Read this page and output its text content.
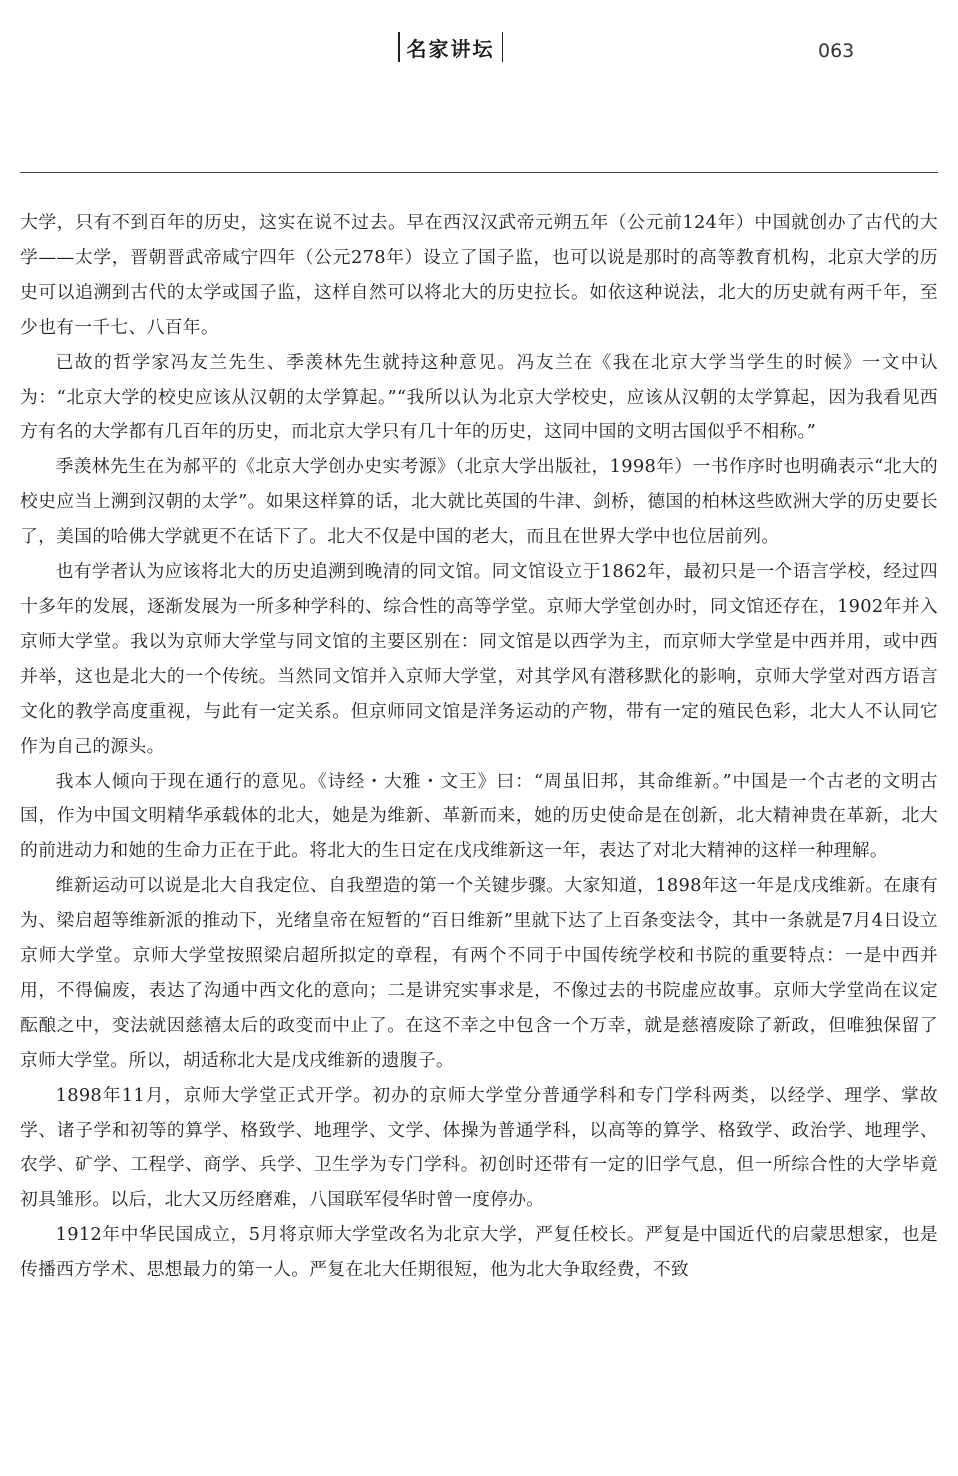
名家讲坛	063

大学，只有不到百年的历史，这实在说不过去。早在西汉汉武帝元朔五年（公元前124年）中国就创办了古代的大学——太学，晋朝晋武帝咸宁四年（公元278年）设立了国子监，也可以说是那时的高等教育机构，北京大学的历史可以追溯到古代的太学或国子监，这样自然可以将北大的历史拉长。如依这种说法，北大的历史就有两千年，至少也有一千七、八百年。

已故的哲学家冯友兰先生、季羡林先生就持这种意见。冯友兰在《我在北京大学当学生的时候》一文中认为：“北京大学的校史应该从汉朝的太学算起。”“我所以认为北京大学校史，应该从汉朝的太学算起，因为我看见西方有名的大学都有几百年的历史，而北京大学只有几十年的历史，这同中国的文明古国似乎不相称。”

季羡林先生在为郝平的《北京大学创办史实考源》（北京大学出版社，1998年）一书作序时也明确表示“北大的校史应当上溯到汉朝的太学”。如果这样算的话，北大就比英国的牛津、剑桥，德国的柏林这些欧洲大学的历史要长了，美国的哈佛大学就更不在话下了。北大不仅是中国的老大，而且在世界大学中也位居前列。

也有学者认为应该将北大的历史追溯到晚清的同文馆。同文馆设立于1862年，最初只是一个语言学校，经过四十多年的发展，逐渐发展为一所多种学科的、综合性的高等学堂。京师大学堂创办时，同文馆还存在，1902年并入京师大学堂。我以为京师大学堂与同文馆的主要区别在：同文馆是以西学为主，而京师大学堂是中西并用，或中西并举，这也是北大的一个传统。当然同文馆并入京师大学堂，对其学风有潜移默化的影响，京师大学堂对西方语言文化的教学高度重视，与此有一定关系。但京师同文馆是洋务运动的产物，带有一定的殖民色彩，北大人不认同它作为自己的源头。

我本人倾向于现在通行的意见。《诗经・大雅・文王》曰：“周虽旧邦，其命维新。”中国是一个古老的文明古国，作为中国文明精华承载体的北大，她是为维新、革新而来，她的历史使命是在创新，北大精神贵在革新，北大的前进动力和她的生命力正在于此。将北大的生日定在戊戌维新这一年，表达了对北大精神的这样一种理解。

维新运动可以说是北大自我定位、自我塑造的第一个关键步骤。大家知道，1898年这一年是戊戌维新。在康有为、梁启超等维新派的推动下，光绪皇帝在短暂的“百日维新”里就下达了上百条变法令，其中一条就是7月4日设立京师大学堂。京师大学堂按照梁启超所拟定的章程，有两个不同于中国传统学校和书院的重要特点：一是中西并用，不得偏废，表达了沟通中西文化的意向；二是讲究实事求是，不像过去的书院虚应故事。京师大学堂尚在议定酝酿之中，变法就因慈禧太后的政变而中止了。在这不幸之中包含一个万幸，就是慈禧废除了新政，但唯独保留了京师大学堂。所以，胡适称北大是戊戌维新的遗腹子。

1898年11月，京师大学堂正式开学。初办的京师大学堂分普通学科和专门学科两类，以经学、理学、掌故学、诸子学和初等的算学、格致学、地理学、文学、体操为普通学科，以高等的算学、格致学、政治学、地理学、农学、矿学、工程学、商学、兵学、卫生学为专门学科。初创时还带有一定的旧学气息，但一所综合性的大学毕竟初具雏形。以后，北大又历经磨难，八国联军侵华时曾一度停办。

1912年中华民国成立，5月将京师大学堂改名为北京大学，严复任校长。严复是中国近代的启蒙思想家，也是传播西方学术、思想最力的第一人。严复在北大任期很短，他为北大争取经费，不致
